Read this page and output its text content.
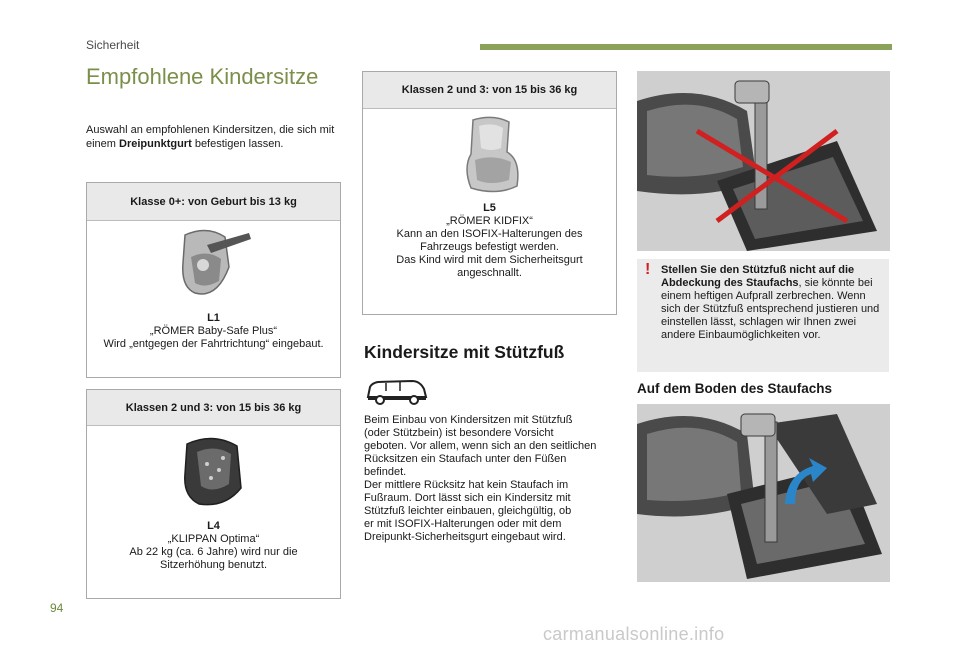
Sicherheit
Empfohlene Kindersitze
Auswahl an empfohlenen Kindersitzen, die sich mit einem Dreipunktgurt befestigen lassen.
Klasse 0+: von Geburt bis 13 kg
L1
„RÖMER Baby-Safe Plus“
Wird „entgegen der Fahrtrichtung“ eingebaut.
Klassen 2 und 3: von 15 bis 36 kg
L4
„KLIPPAN Optima“
Ab 22 kg (ca. 6 Jahre) wird nur die
Sitzerhöhung benutzt.
Klassen 2 und 3: von 15 bis 36 kg
L5
„RÖMER KIDFIX“
Kann an den ISOFIX-Halterungen des
Fahrzeugs befestigt werden.
Das Kind wird mit dem Sicherheitsgurt
angeschnallt.
Kindersitze mit Stützfuß
Beim Einbau von Kindersitzen mit Stützfuß
(oder Stützbein) ist besondere Vorsicht
geboten. Vor allem, wenn sich an den seitlichen
Rücksitzen ein Staufach unter den Füßen
befindet.
Der mittlere Rücksitz hat kein Staufach im
Fußraum. Dort lässt sich ein Kindersitz mit
Stützfuß leichter einbauen, gleichgültig, ob
er mit ISOFIX-Halterungen oder mit dem
Dreipunkt-Sicherheitsgurt eingebaut wird.
! Stellen Sie den Stützfuß nicht auf die Abdeckung des Staufachs, sie könnte bei einem heftigen Aufprall zerbrechen. Wenn sich der Stützfuß entsprechend justieren und einstellen lässt, schlagen wir Ihnen zwei andere Einbaumöglichkeiten vor.
Auf dem Boden des Staufachs
94
carmanualsonline.info
